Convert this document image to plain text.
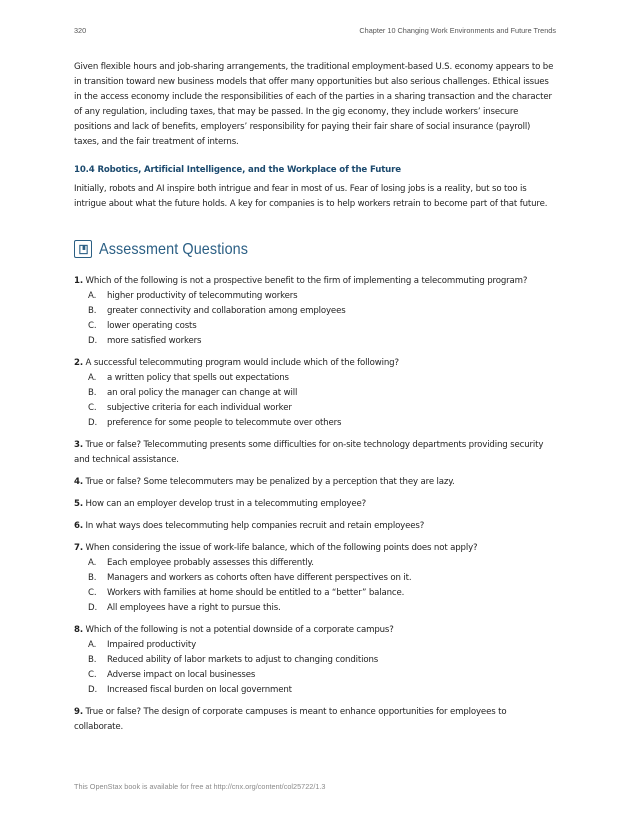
320	Chapter 10 Changing Work Environments and Future Trends

Given flexible hours and job-sharing arrangements, the traditional employment-based U.S. economy appears to be in transition toward new business models that offer many opportunities but also serious challenges. Ethical issues in the access economy include the responsibilities of each of the parties in a sharing transaction and the character of any regulation, including taxes, that may be passed. In the gig economy, they include workers’ insecure positions and lack of benefits, employers’ responsibility for paying their fair share of social insurance (payroll) taxes, and the fair treatment of interns.

10.4 Robotics, Artificial Intelligence, and the Workplace of the Future

Initially, robots and AI inspire both intrigue and fear in most of us. Fear of losing jobs is a reality, but so too is intrigue about what the future holds. A key for companies is to help workers retrain to become part of that future.

Assessment Questions

1. Which of the following is not a prospective benefit to the firm of implementing a telecommuting program?

A. higher productivity of telecommuting workers
B. greater connectivity and collaboration among employees
C. lower operating costs
D. more satisfied workers

2. A successful telecommuting program would include which of the following?

A. a written policy that spells out expectations
B. an oral policy the manager can change at will
C. subjective criteria for each individual worker
D. preference for some people to telecommute over others

3. True or false? Telecommuting presents some difficulties for on-site technology departments providing security and technical assistance.

4. True or false? Some telecommuters may be penalized by a perception that they are lazy.

5. How can an employer develop trust in a telecommuting employee?

6. In what ways does telecommuting help companies recruit and retain employees?

7. When considering the issue of work-life balance, which of the following points does not apply?

A. Each employee probably assesses this differently.
B. Managers and workers as cohorts often have different perspectives on it.
C. Workers with families at home should be entitled to a “better” balance.
D. All employees have a right to pursue this.

8. Which of the following is not a potential downside of a corporate campus?

A. Impaired productivity
B. Reduced ability of labor markets to adjust to changing conditions
C. Adverse impact on local businesses
D. Increased fiscal burden on local government

9. True or false? The design of corporate campuses is meant to enhance opportunities for employees to collaborate.

This OpenStax book is available for free at http://cnx.org/content/col25722/1.3
